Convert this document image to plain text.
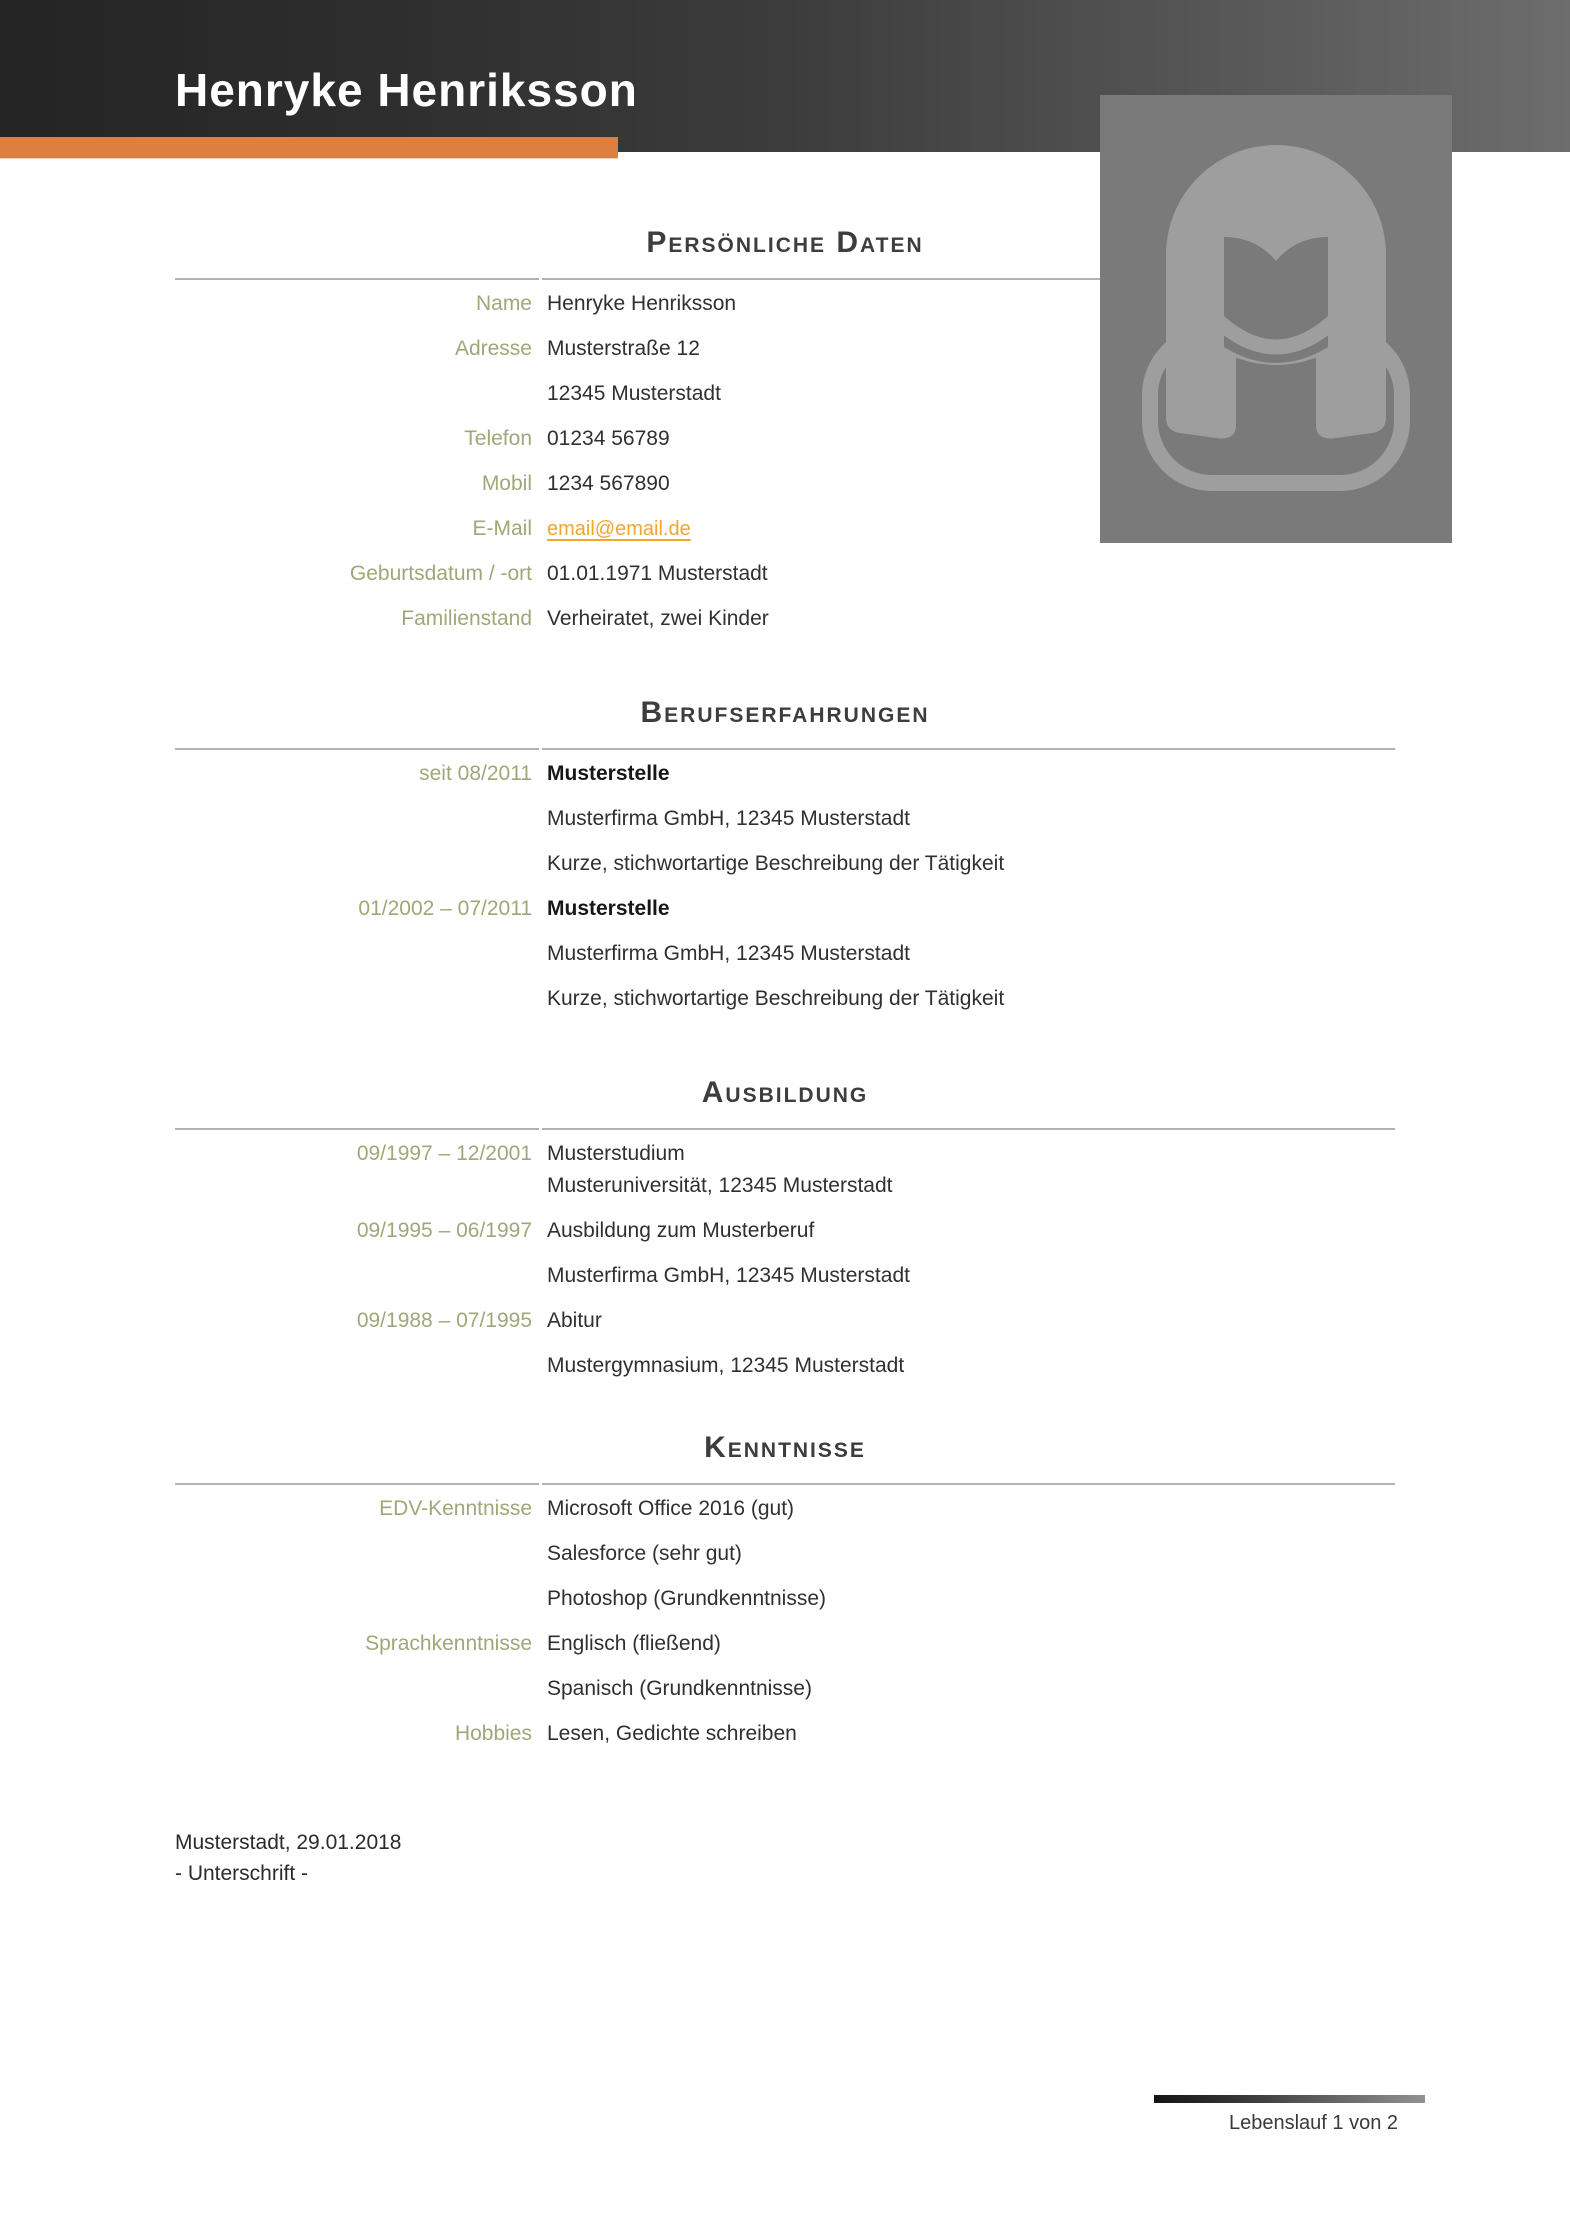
Henryke Henriksson
Persönliche Daten
Name Henryke Henriksson
Adresse Musterstraße 12
12345 Musterstadt
Telefon 01234 56789
Mobil 1234 567890
E-Mail email@email.de
Geburtsdatum / -ort 01.01.1971 Musterstadt
Familienstand Verheiratet, zwei Kinder
Berufserfahrungen
seit 08/2011 Musterstelle
Musterfirma GmbH, 12345 Musterstadt
Kurze, stichwortartige Beschreibung der Tätigkeit
01/2002 – 07/2011 Musterstelle
Musterfirma GmbH, 12345 Musterstadt
Kurze, stichwortartige Beschreibung der Tätigkeit
Ausbildung
09/1997 – 12/2001 Musterstudium
Musteruniversität, 12345 Musterstadt
09/1995 – 06/1997 Ausbildung zum Musterberuf
Musterfirma GmbH, 12345 Musterstadt
09/1988 – 07/1995 Abitur
Mustergymnasium, 12345 Musterstadt
Kenntnisse
EDV-Kenntnisse Microsoft Office 2016 (gut)
Salesforce (sehr gut)
Photoshop (Grundkenntnisse)
Sprachkenntnisse Englisch (fließend)
Spanisch (Grundkenntnisse)
Hobbies Lesen, Gedichte schreiben
Musterstadt, 29.01.2018
- Unterschrift -
Lebenslauf 1 von 2
